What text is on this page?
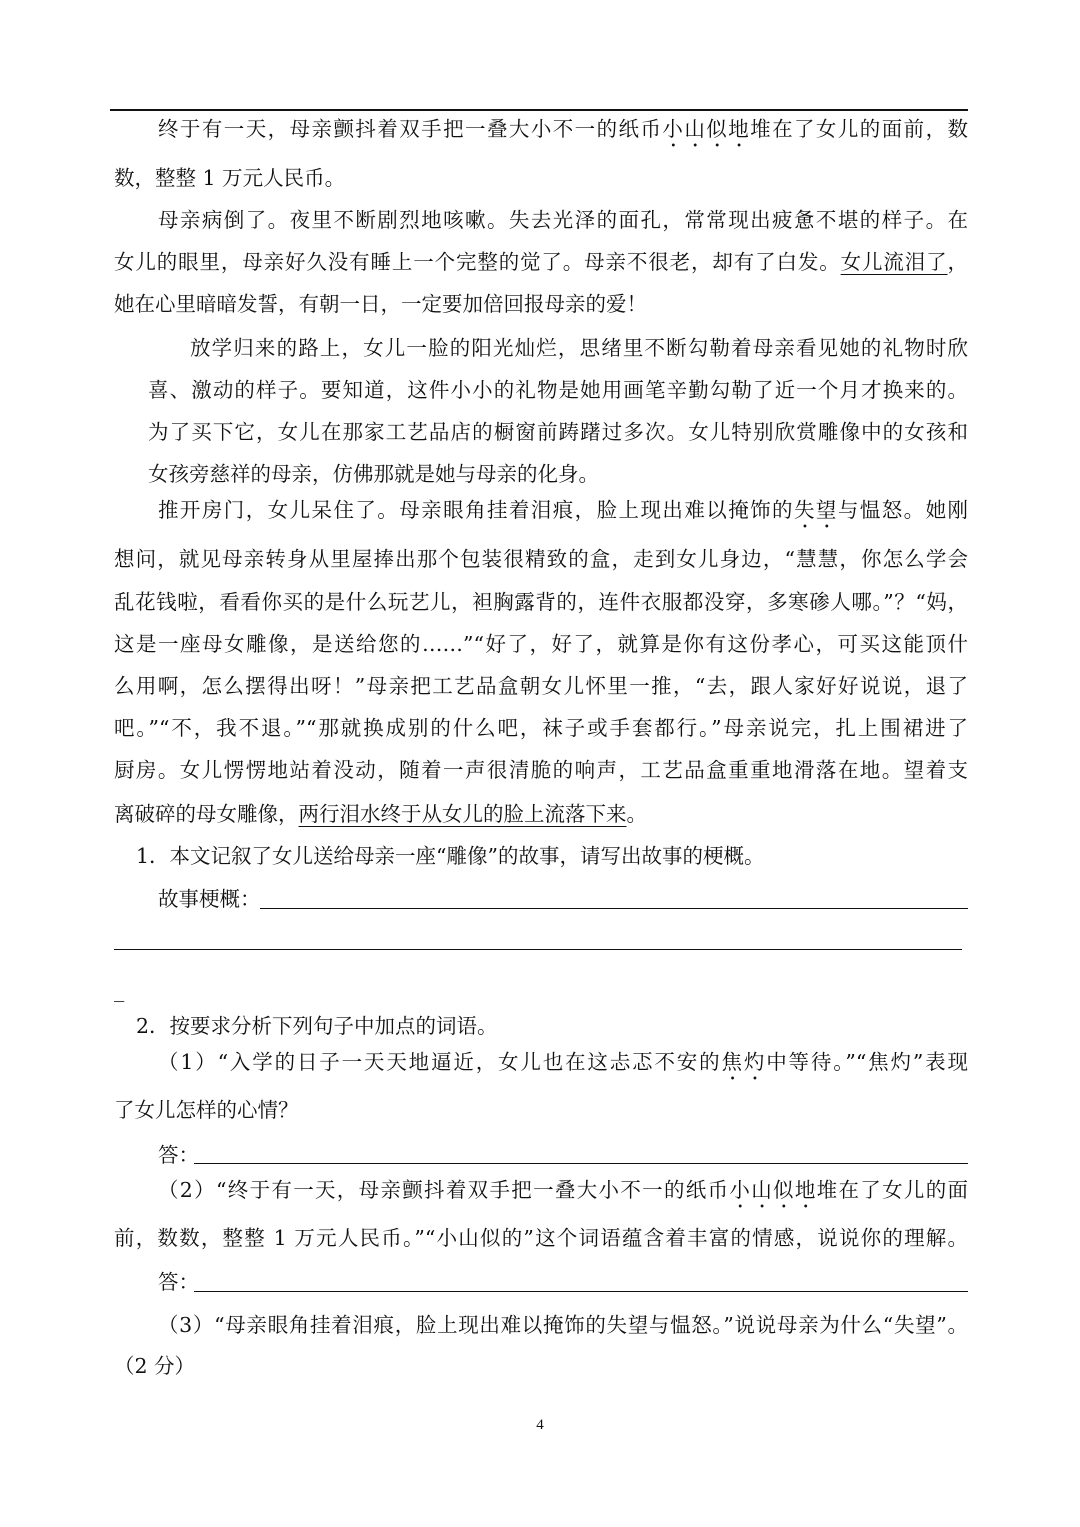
终于有一天，母亲颤抖着双手把一叠大小不一的纸币小山似地堆在了女儿的面前，数
数，整整 1 万元人民币。
母亲病倒了。夜里不断剧烈地咳嗽。失去光泽的面孔，常常现出疲惫不堪的样子。在
女儿的眼里，母亲好久没有睡上一个完整的觉了。母亲不很老，却有了白发。女儿流泪了，
她在心里暗暗发誓，有朝一日，一定要加倍回报母亲的爱！
放学归来的路上，女儿一脸的阳光灿烂，思绪里不断勾勒着母亲看见她的礼物时欣
喜、激动的样子。要知道，这件小小的礼物是她用画笔辛勤勾勒了近一个月才换来的。
为了买下它，女儿在那家工艺品店的橱窗前踌躇过多次。女儿特别欣赏雕像中的女孩和
女孩旁慈祥的母亲，仿佛那就是她与母亲的化身。
推开房门，女儿呆住了。母亲眼角挂着泪痕，脸上现出难以掩饰的失望与愠怒。她刚
想问，就见母亲转身从里屋捧出那个包装很精致的盒，走到女儿身边，“慧慧，你怎么学会
乱花钱啦，看看你买的是什么玩艺儿，袒胸露背的，连件衣服都没穿，多寒碜人哪。”？“妈，
这是一座母女雕像，是送给您的……”“好了，好了，就算是你有这份孝心，可买这能顶什
么用啊，怎么摆得出呀！”母亲把工艺品盒朝女儿怀里一推，“去，跟人家好好说说，退了
吧。”“不，我不退。”“那就换成别的什么吧，袜子或手套都行。”母亲说完，扎上围裙进了
厨房。女儿愣愣地站着没动，随着一声很清脆的响声，工艺品盒重重地滑落在地。望着支
离破碎的母女雕像，两行泪水终于从女儿的脸上流落下来。
1．本文记叙了女儿送给母亲一座“雕像”的故事，请写出故事的梗概。
故事梗概：
_
2．按要求分析下列句子中加点的词语。
（1）“入学的日子一天天地逼近，女儿也在这忐忑不安的焦灼中等待。”“焦灼”表现
了女儿怎样的心情？
答：
（2）“终于有一天，母亲颤抖着双手把一叠大小不一的纸币小山似地堆在了女儿的面
前，数数，整整 1 万元人民币。”“小山似的”这个词语蕴含着丰富的情感，说说你的理解。
答：
（3）“母亲眼角挂着泪痕，脸上现出难以掩饰的失望与愠怒。”说说母亲为什么“失望”。
（2 分）
4
